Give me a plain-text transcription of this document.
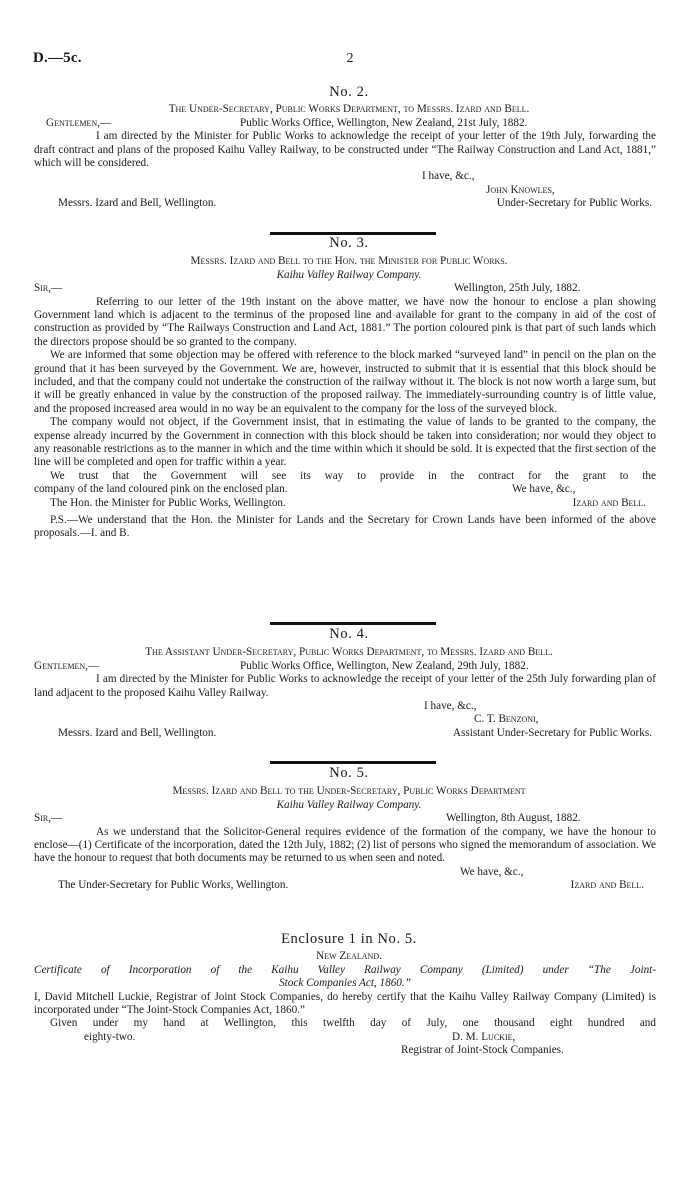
D.—5c.	2
No. 2.
The Under-Secretary, Public Works Department, to Messrs. Izard and Bell.
Gentlemen,—	Public Works Office, Wellington, New Zealand, 21st July, 1882.

I am directed by the Minister for Public Works to acknowledge the receipt of your letter of the 19th July, forwarding the draft contract and plans of the proposed Kaihu Valley Railway, to be constructed under “The Railway Construction and Land Act, 1881,” which will be considered.

I have, &c.,
John Knowles,
Messrs. Izard and Bell, Wellington.	Under-Secretary for Public Works.
No. 3.
Messrs. Izard and Bell to the Hon. the Minister for Public Works.
Kaihu Valley Railway Company.
Sir,—	Wellington, 25th July, 1882.

Referring to our letter of the 19th instant on the above matter, we have now the honour to enclose a plan showing Government land which is adjacent to the terminus of the proposed line and available for grant to the company in aid of the cost of construction as provided by “The Railways Construction and Land Act, 1881.” The portion coloured pink is that part of such lands which the directors propose should be so granted to the company.

We are informed that some objection may be offered with reference to the block marked “surveyed land” in pencil on the plan on the ground that it has been surveyed by the Government. We are, however, instructed to submit that it is essential that this block should be included, and that the company could not undertake the construction of the railway without it. The block is not now worth a large sum, but it will be greatly enhanced in value by the construction of the proposed railway. The immediately-surrounding country is of little value, and the proposed increased area would in no way be an equivalent to the company for the loss of the surveyed block.

The company would not object, if the Government insist, that in estimating the value of lands to be granted to the company, the expense already incurred by the Government in connection with this block should be taken into consideration; nor would they object to any reasonable restrictions as to the manner in which and the time within which it should be sold. It is expected that the first section of the line will be completed and open for traffic within a year.

We trust that the Government will see its way to provide in the contract for the grant to the

company of the land coloured pink on the enclosed plan.	We have, &c.,
The Hon. the Minister for Public Works, Wellington.	Izard and Bell.

P.S.—We understand that the Hon. the Minister for Lands and the Secretary for Crown Lands have been informed of the above proposals.—I. and B.

No. 4.
The Assistant Under-Secretary, Public Works Department, to Messrs. Izard and Bell.
Gentlemen,—	Public Works Office, Wellington, New Zealand, 29th July, 1882.

I am directed by the Minister for Public Works to acknowledge the receipt of your letter of the 25th July forwarding plan of land adjacent to the proposed Kaihu Valley Railway.

I have, &c.,
C. T. Benzoni,
Messrs. Izard and Bell, Wellington.	Assistant Under-Secretary for Public Works.
No. 5.
Messrs. Izard and Bell to the Under-Secretary, Public Works Department
Kaihu Valley Railway Company.
Sir,—	Wellington, 8th August, 1882.

As we understand that the Solicitor-General requires evidence of the formation of the company, we have the honour to enclose—(1) Certificate of the incorporation, dated the 12th July, 1882; (2) list of persons who signed the memorandum of association. We have the honour to request that both documents may be returned to us when seen and noted.

We have, &c.,
The Under-Secretary for Public Works, Wellington.	Izard and Bell.
Enclosure 1 in No. 5.
New Zealand.

Certificate of Incorporation of the Kaihu Valley Railway Company (Limited) under “The Joint-

Stock Companies Act, 1860.”

I, David Mitchell Luckie, Registrar of Joint Stock Companies, do hereby certify that the Kaihu Valley Railway Company (Limited) is incorporated under “The Joint-Stock Companies Act, 1860.”

Given under my hand at Wellington, this twelfth day of July, one thousand eight hundred and

eighty-two.	D. M. Luckie,
Registrar of Joint-Stock Companies.
